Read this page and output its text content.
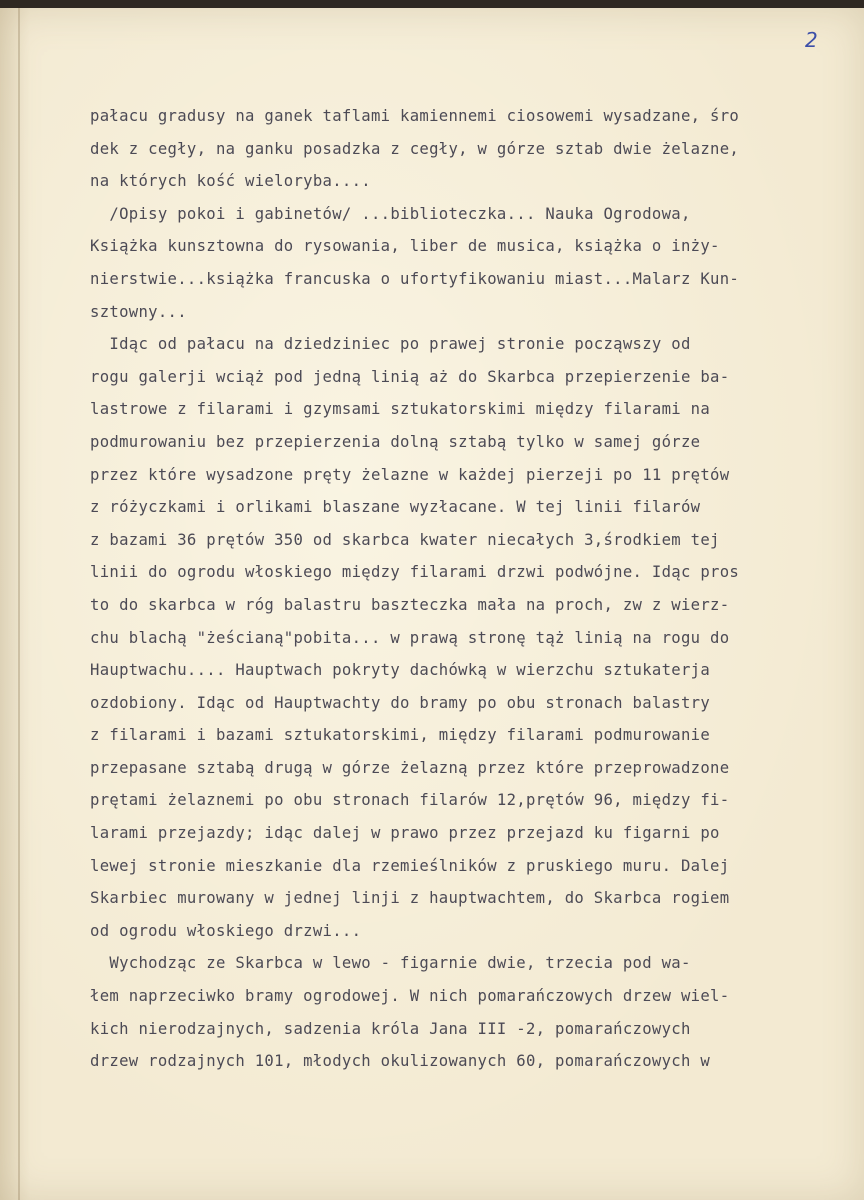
2
pałacu gradusy na ganek taflami kamiennemi ciosowemi wysadzane, śro
dek z cegły, na ganku posadzka z cegły, w górze sztab dwie żelazne,
na których kość wieloryba....
/Opisy pokoi i gabinetów/ ...biblioteczka... Nauka Ogrodowa,
Książka kunsztowna do rysowania, liber de musica, książka o inży-
nierstwie...książka francuska o ufortyfikowaniu miast...Malarz Kun-
sztowny...
Idąc od pałacu na dziedziniec po prawej stronie począwszy od
rogu galerji wciąż pod jedną linią aż do Skarbca przepierzenie ba-
lastrowe z filarami i gzymsami sztukatorskimi między filarami na
podmurowaniu bez przepierzenia dolną sztabą tylko w samej górze
przez które wysadzone pręty żelazne w każdej pierzeji po 11 prętów
z różyczkami i orlikami blaszane wyzłacane. W tej linii filarów
z bazami 36 prętów 350 od skarbca kwater niecałych 3,środkiem tej
linii do ogrodu włoskiego między filarami drzwi podwójne. Idąc pros
to do skarbca w róg balastru baszteczka mała na proch, zw z wierz-
chu blachą "żeścianą"pobita... w prawą stronę tąż linią na rogu do
Hauptwachu.... Hauptwach pokryty dachówką w wierzchu sztukaterja
ozdobiony. Idąc od Hauptwachty do bramy po obu stronach balastry
z filarami i bazami sztukatorskimi, między filarami podmurowanie
przepasane sztabą drugą w górze żelazną przez które przeprowadzone
prętami żelaznemi po obu stronach filarów 12,prętów 96, między fi-
larami przejazdy; idąc dalej w prawo przez przejazd ku figarni po
lewej stronie mieszkanie dla rzemieślników z pruskiego muru. Dalej
Skarbiec murowany w jednej linji z hauptwachtem, do Skarbca rogiem
od ogrodu włoskiego drzwi...
Wychodząc ze Skarbca w lewo - figarnie dwie, trzecia pod wa-
łem naprzeciwko bramy ogrodowej. W nich pomarańczowych drzew wiel-
kich nierodzajnych, sadzenia króla Jana III -2, pomarańczowych
drzew rodzajnych 101, młodych okulizowanych 60, pomarańczowych w
